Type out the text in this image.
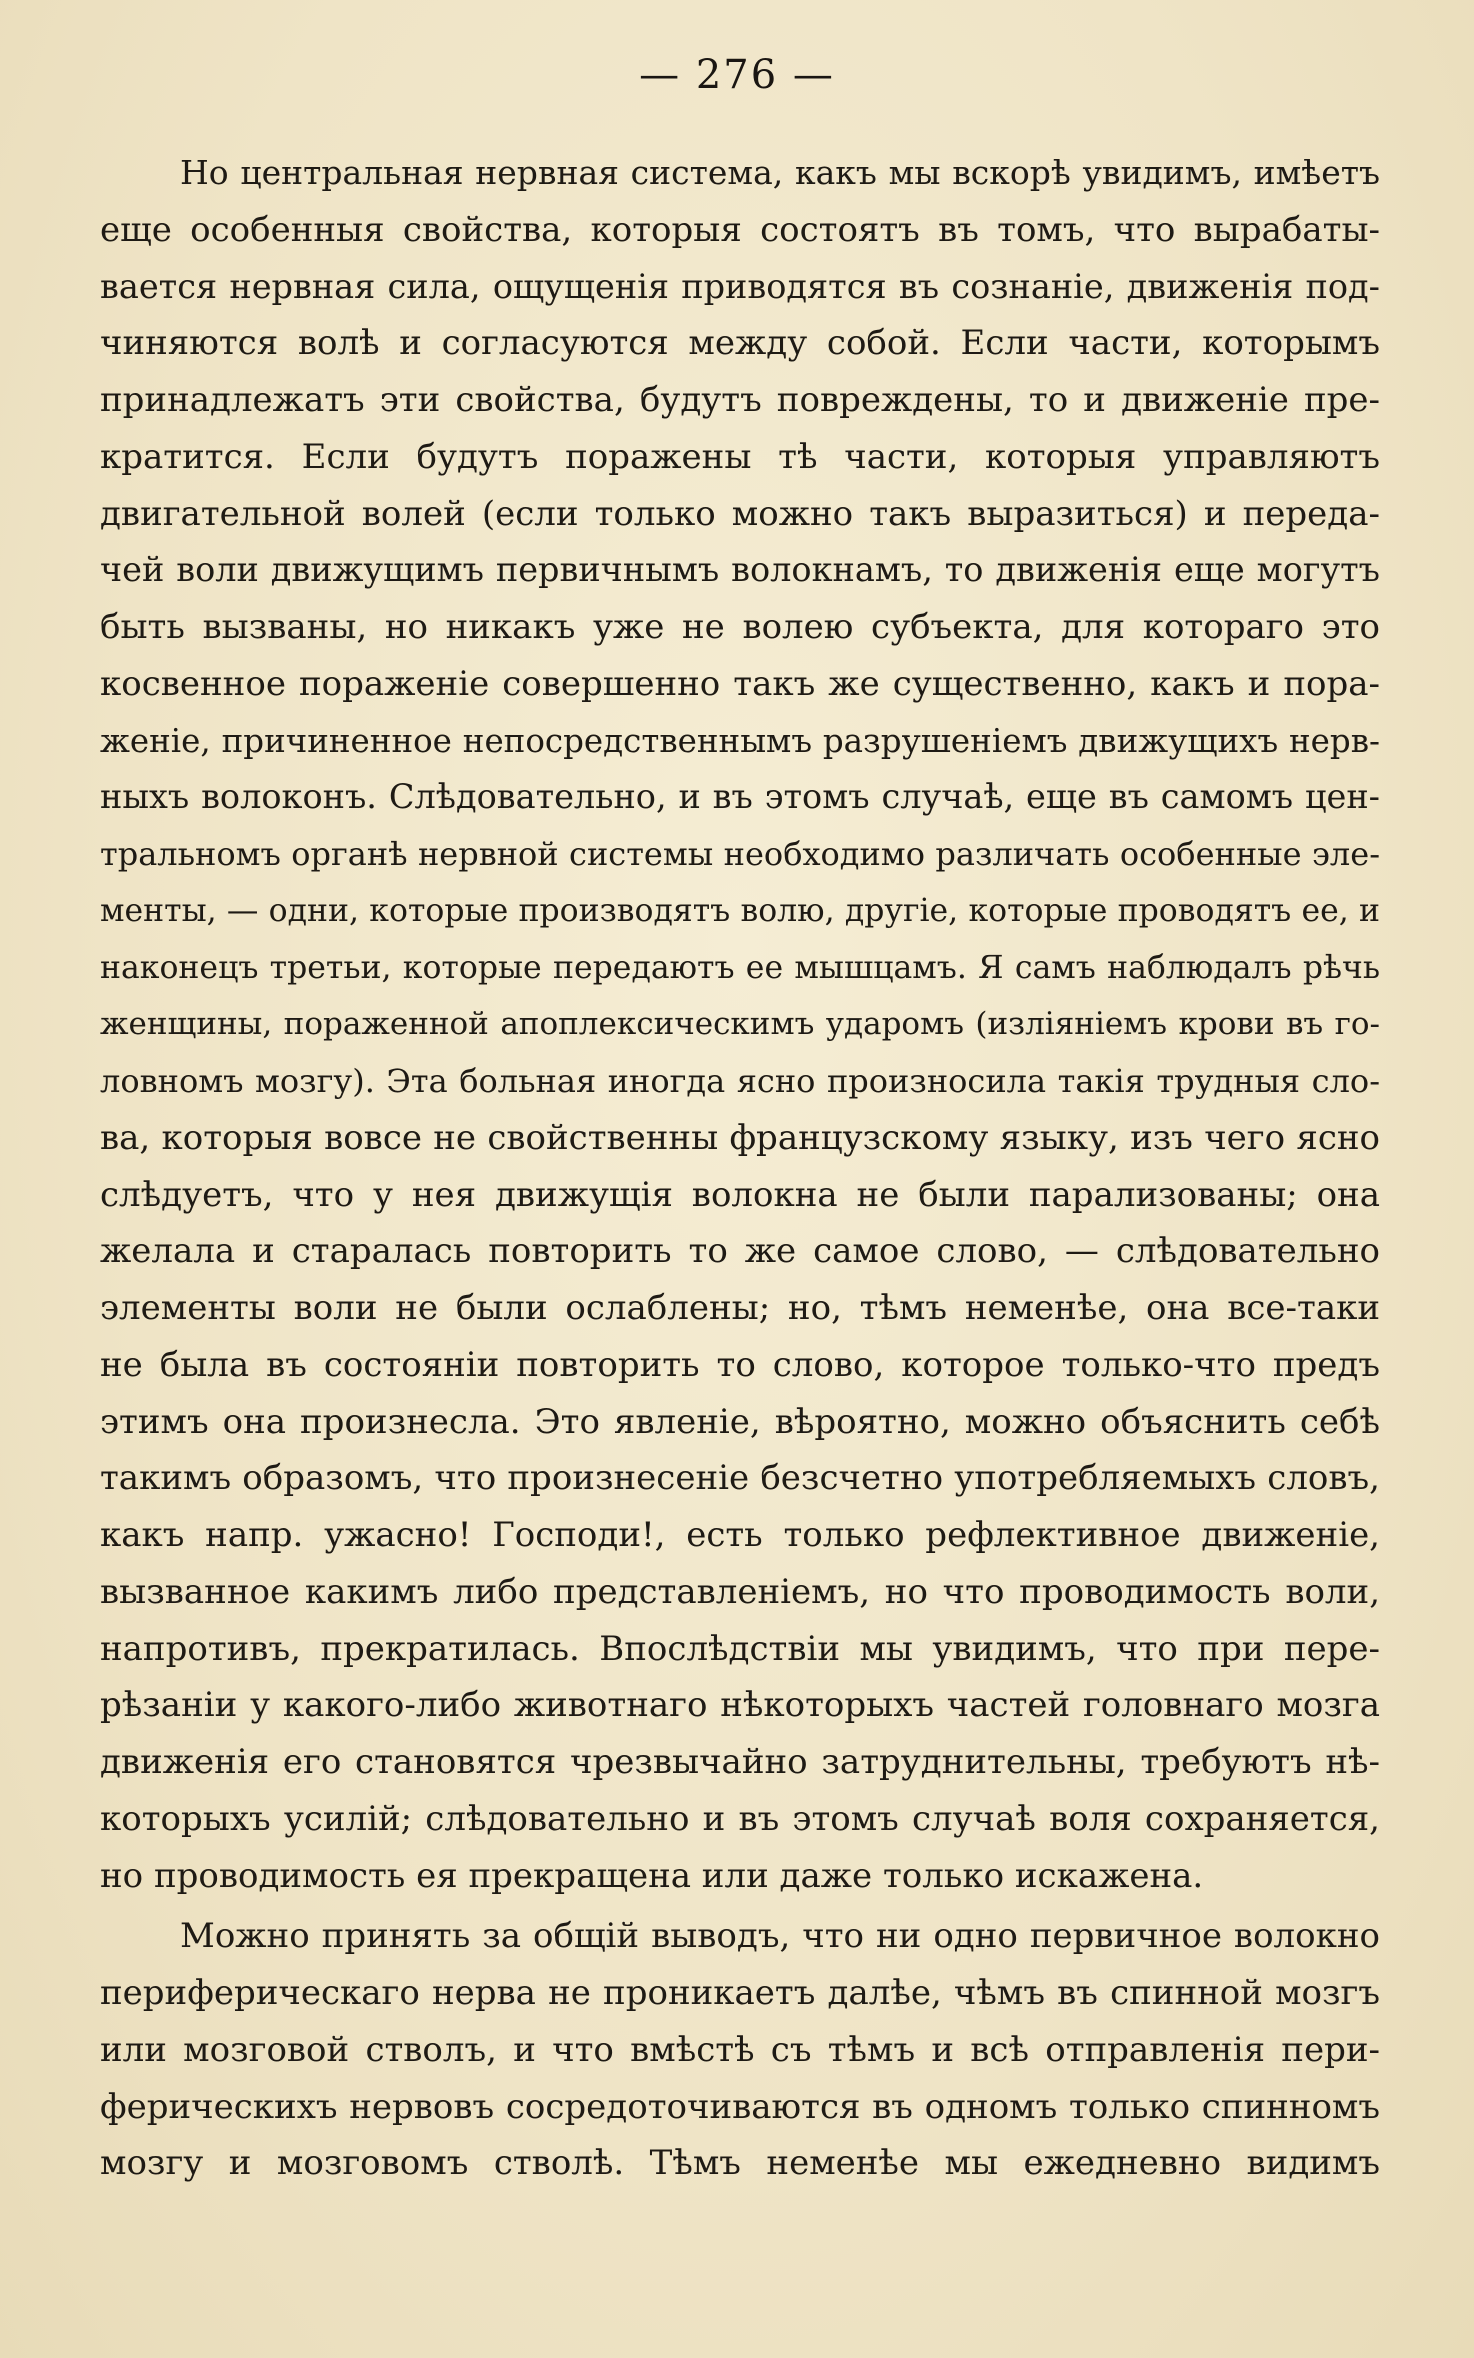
— 276 —
Но центральная нервная система, какъ мы вскорѣ увидимъ, имѣетъ
еще особенныя свойства, которыя состоятъ въ томъ, что вырабаты-
вается нервная сила, ощущенія приводятся въ сознаніе, движенія под-
чиняются волѣ и согласуются между собой. Если части, которымъ
принадлежатъ эти свойства, будутъ повреждены, то и движеніе пре-
кратится. Если будутъ поражены тѣ части, которыя управляютъ
двигательной волей (если только можно такъ выразиться) и переда-
чей воли движущимъ первичнымъ волокнамъ, то движенія еще могутъ
быть вызваны, но никакъ уже не волею субъекта, для котораго это
косвенное пораженіе совершенно такъ же существенно, какъ и пора-
женіе, причиненное непосредственнымъ разрушеніемъ движущихъ нерв-
ныхъ волоконъ. Слѣдовательно, и въ этомъ случаѣ, еще въ самомъ цен-
тральномъ органѣ нервной системы необходимо различать особенные эле-
менты, — одни, которые производятъ волю, другіе, которые проводятъ ее, и
наконецъ третьи, которые передаютъ ее мышцамъ. Я самъ наблюдалъ рѣчь
женщины, пораженной апоплексическимъ ударомъ (изліяніемъ крови въ го-
ловномъ мозгу). Эта больная иногда ясно произносила такія трудныя сло-
ва, которыя вовсе не свойственны французскому языку, изъ чего ясно
слѣдуетъ, что у нея движущія волокна не были парализованы; она
желала и старалась повторить то же самое слово, — слѣдовательно
элементы воли не были ослаблены; но, тѣмъ неменѣе, она все-таки
не была въ состояніи повторить то слово, которое только-что предъ
этимъ она произнесла. Это явленіе, вѣроятно, можно объяснить себѣ
такимъ образомъ, что произнесеніе безсчетно употребляемыхъ словъ,
какъ напр. ужасно! Господи!, есть только рефлективное движеніе,
вызванное какимъ либо представленіемъ, но что проводимость воли,
напротивъ, прекратилась. Впослѣдствіи мы увидимъ, что при пере-
рѣзаніи у какого-либо животнаго нѣкоторыхъ частей головнаго мозга
движенія его становятся чрезвычайно затруднительны, требуютъ нѣ-
которыхъ усилій; слѣдовательно и въ этомъ случаѣ воля сохраняется,
но проводимость ея прекращена или даже только искажена.
Можно принять за общій выводъ, что ни одно первичное волокно
периферическаго нерва не проникаетъ далѣе, чѣмъ въ спинной мозгъ
или мозговой стволъ, и что вмѣстѣ съ тѣмъ и всѣ отправленія пери-
ферическихъ нервовъ сосредоточиваются въ одномъ только спинномъ
мозгу и мозговомъ стволѣ. Тѣмъ неменѣе мы ежедневно видимъ
